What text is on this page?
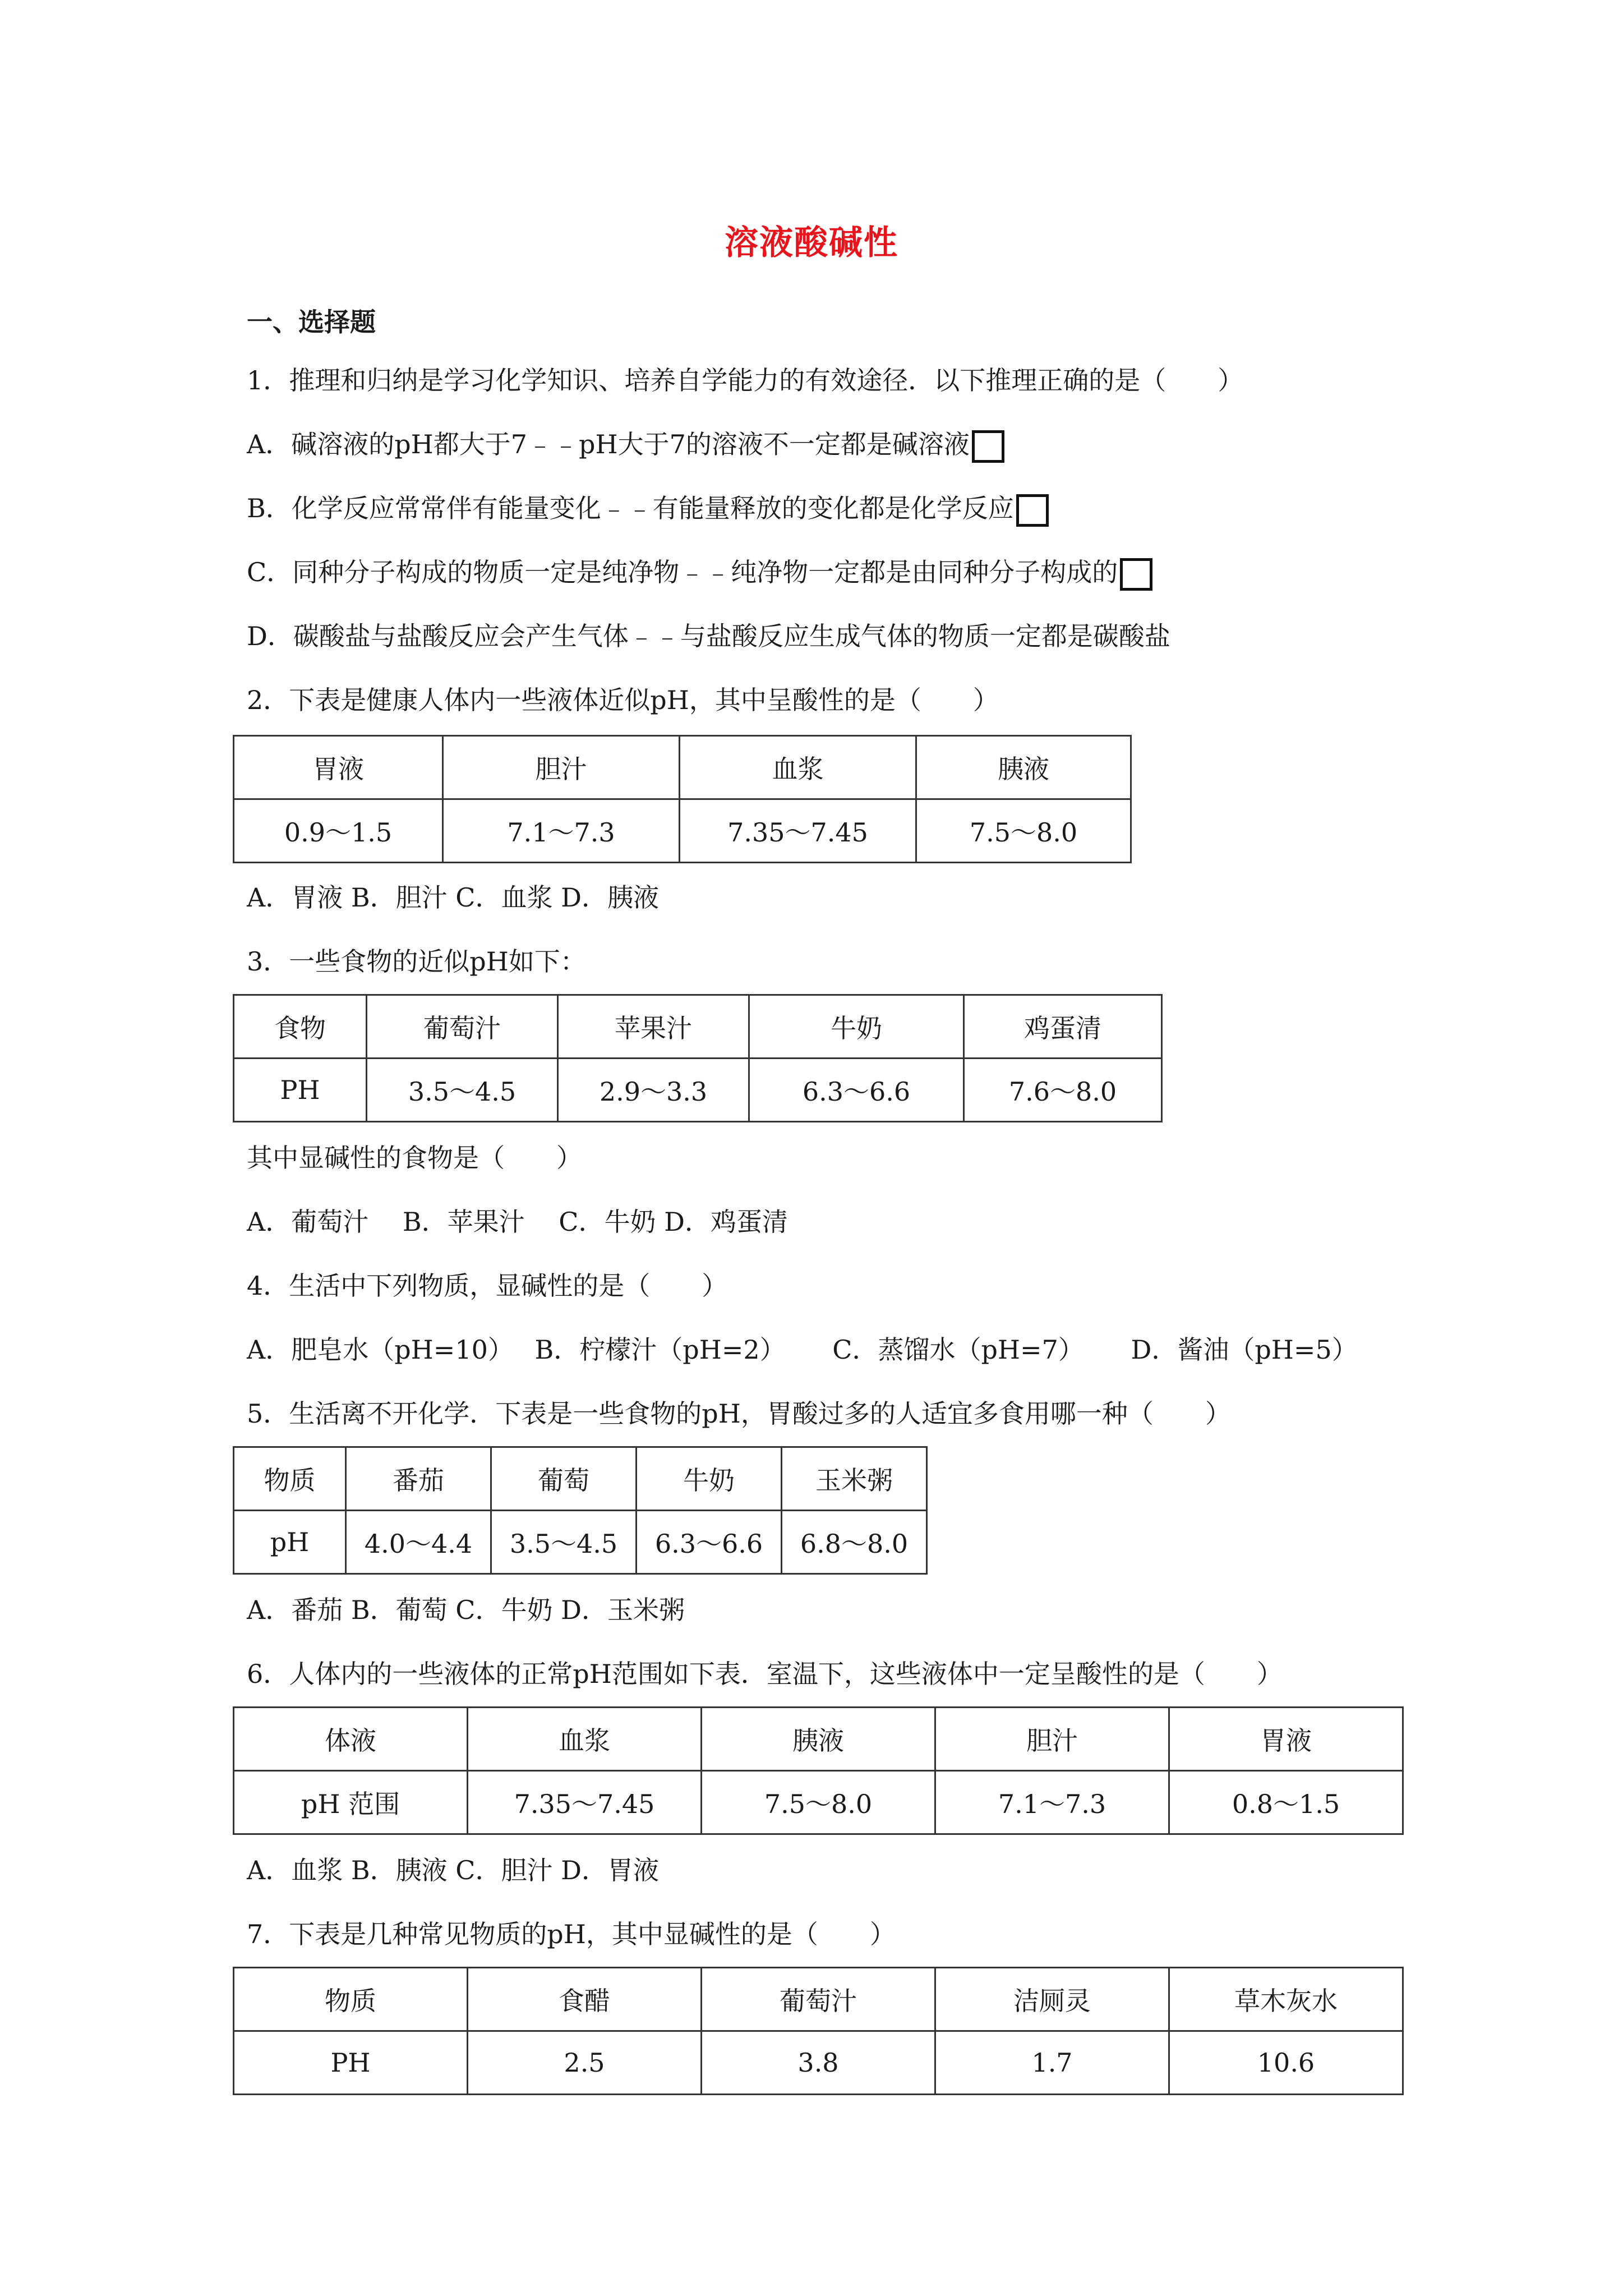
溶液酸碱性
一、选择题
1．推理和归纳是学习化学知识、培养自学能力的有效途径．以下推理正确的是（　　）
A．碱溶液的pH都大于7﹣﹣pH大于7的溶液不一定都是碱溶液
B．化学反应常常伴有能量变化﹣﹣有能量释放的变化都是化学反应
C．同种分子构成的物质一定是纯净物﹣﹣纯净物一定都是由同种分子构成的
D．碳酸盐与盐酸反应会产生气体﹣﹣与盐酸反应生成气体的物质一定都是碳酸盐
2．下表是健康人体内一些液体近似pH，其中呈酸性的是（　　）
胃液	胆汁	血浆	胰液
0.9～1.5	7.1～7.3	7.35～7.45	7.5～8.0
A．胃液 B．胆汁 C．血浆 D．胰液
3．一些食物的近似pH如下：
食物	葡萄汁	苹果汁	牛奶	鸡蛋清
PH	3.5～4.5	2.9～3.3	6.3～6.6	7.6～8.0
其中显碱性的食物是（　　）
A．葡萄汁　 B．苹果汁　 C．牛奶 D．鸡蛋清
4．生活中下列物质，显碱性的是（　　）
A．肥皂水（pH=10）　 B．柠檬汁（pH=2）　　 C．蒸馏水（pH=7）　　 D．酱油（pH=5）
5．生活离不开化学．下表是一些食物的pH，胃酸过多的人适宜多食用哪一种（　　）
物质	番茄	葡萄	牛奶	玉米粥
pH	4.0～4.4	3.5～4.5	6.3～6.6	6.8～8.0
A．番茄 B．葡萄 C．牛奶 D．玉米粥
6．人体内的一些液体的正常pH范围如下表．室温下，这些液体中一定呈酸性的是（　　）
体液	血浆	胰液	胆汁	胃液
pH 范围	7.35～7.45	7.5～8.0	7.1～7.3	0.8～1.5
A．血浆 B．胰液 C．胆汁 D．胃液
7．下表是几种常见物质的pH，其中显碱性的是（　　）
物质	食醋	葡萄汁	洁厕灵	草木灰水
PH	2.5	3.8	1.7	10.6
